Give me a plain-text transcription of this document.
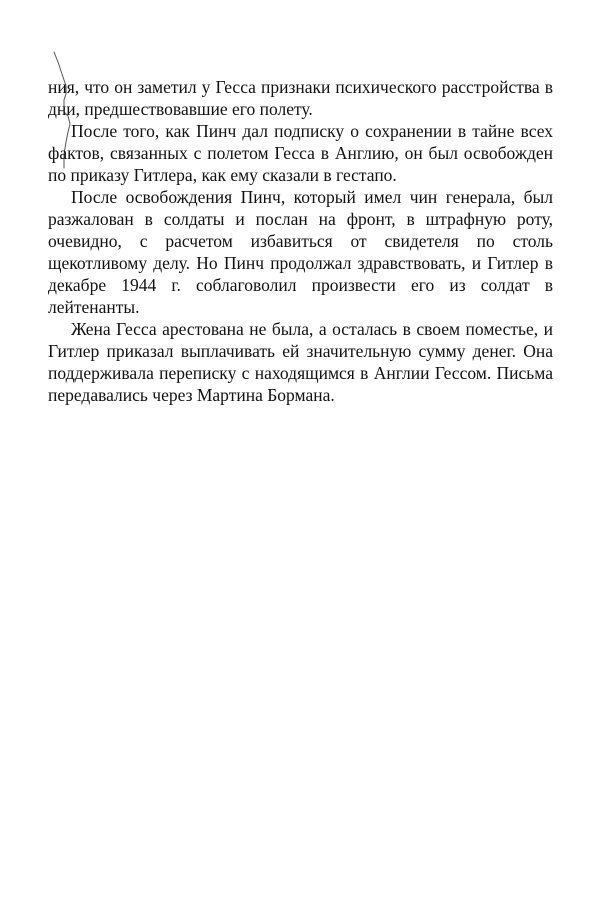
ния, что он заметил у Гесса признаки психического расстройства в дни, предшествовавшие его полету.

После того, как Пинч дал подписку о сохранении в тайне всех фактов, связанных с полетом Гесса в Англию, он был освобожден по приказу Гитлера, как ему сказали в гестапо.

После освобождения Пинч, который имел чин генерала, был разжалован в солдаты и послан на фронт, в штрафную роту, очевидно, с расчетом избавиться от свидетеля по столь щекотливому делу. Но Пинч продолжал здравствовать, и Гитлер в декабре 1944 г. соблаговолил произвести его из солдат в лейтенанты.

Жена Гесса арестована не была, а осталась в своем поместье, и Гитлер приказал выплачивать ей значительную сумму денег. Она поддерживала переписку с находящимся в Англии Гессом. Письма передавались через Мартина Бормана.
